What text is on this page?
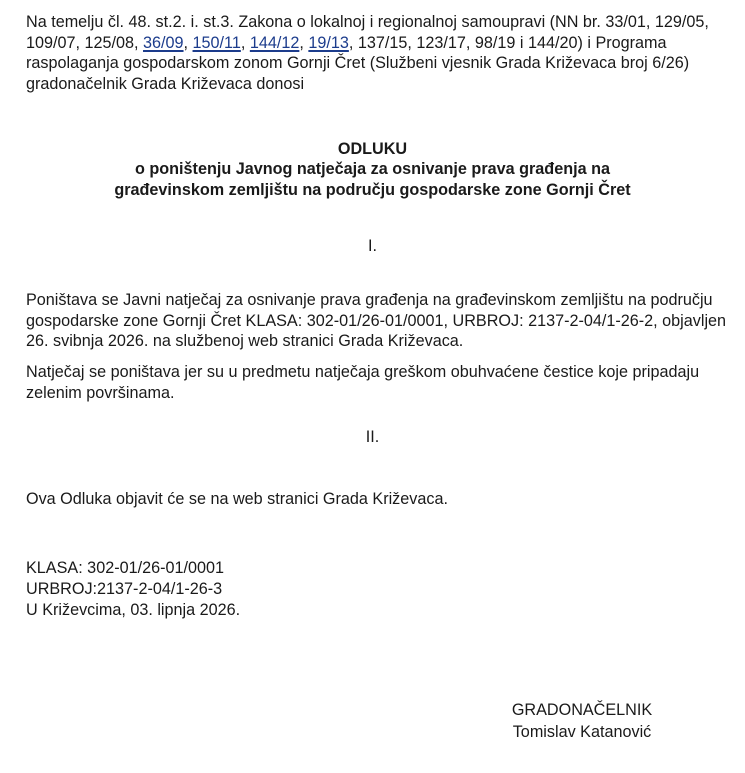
Na temelju čl. 48. st.2. i. st.3. Zakona o lokalnoj i regionalnoj samoupravi (NN br. 33/01, 129/05, 109/07, 125/08, 36/09, 150/11, 144/12, 19/13, 137/15, 123/17, 98/19 i 144/20) i Programa raspolaganja gospodarskom zonom Gornji Čret (Službeni vjesnik Grada Križevaca broj 6/26) gradonačelnik Grada Križevaca donosi

ODLUKU
o poništenju Javnog natječaja za osnivanje prava građenja na
građevinskom zemljištu na području gospodarske zone Gornji Čret
I.

Poništava se Javni natječaj za osnivanje prava građenja na građevinskom zemljištu na području gospodarske zone Gornji Čret KLASA: 302-01/26-01/0001, URBROJ: 2137-2-04/1-26-2, objavljen 26. svibnja 2026. na službenoj web stranici Grada Križevaca.

Natječaj se poništava jer su u predmetu natječaja greškom obuhvaćene čestice koje pripadaju zelenim površinama.

II.

Ova Odluka objavit će se na web stranici Grada Križevaca.

KLASA: 302-01/26-01/0001
URBROJ:2137-2-04/1-26-3
U Križevcima, 03. lipnja 2026.
GRADONAČELNIK
Tomislav Katanović
